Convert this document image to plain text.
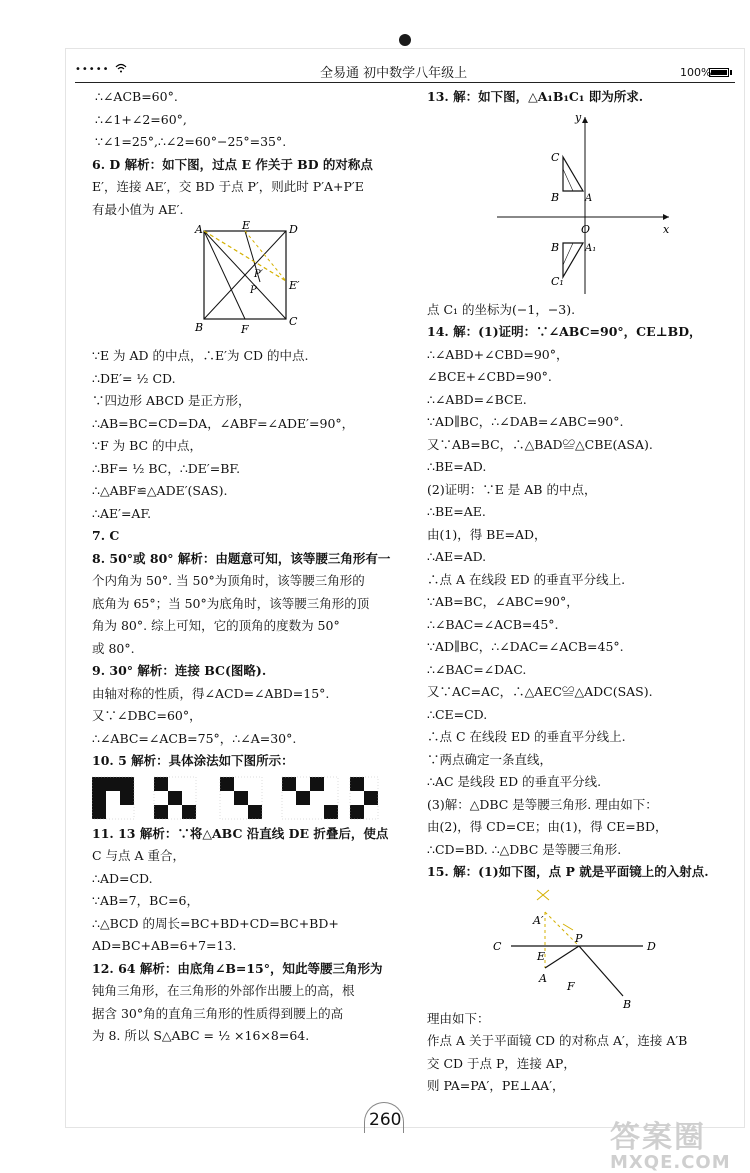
•••••	全易通 初中数学八年级上	100%
∴∠ACB=60°.
∴∠1+∠2=60°,
∵∠1=25°,∴∠2=60°−25°=35°.
6. D 解析：如下图，过点 E 作关于 BD 的对称点
E′，连接 AE′，交 BD 于点 P′，则此时 P′A+P′E
有最小值为 AE′.
A	E	D
P′
P	E′
B	F
C
∵E 为 AD 的中点，∴E′为 CD 的中点.
∴DE′= ½ CD.
∵四边形 ABCD 是正方形，
∴AB=BC=CD=DA，∠ABF=∠ADE′=90°，
∵F 为 BC 的中点，
∴BF= ½ BC，∴DE′=BF.
∴△ABF≌△ADE′(SAS).
∴AE′=AF.
7. C
8. 50°或 80° 解析：由题意可知，该等腰三角形有一
个内角为 50°. 当 50°为顶角时，该等腰三角形的
底角为 65°；当 50°为底角时，该等腰三角形的顶
角为 80°. 综上可知，它的顶角的度数为 50°
或 80°.
9. 30° 解析：连接 BC(图略).
由轴对称的性质，得∠ACD=∠ABD=15°.
又∵∠DBC=60°，
∴∠ABC=∠ACB=75°，∴∠A=30°.
10. 5 解析：具体涂法如下图所示：
11. 13 解析：∵将△ABC 沿直线 DE 折叠后，使点
C 与点 A 重合，
∴AD=CD.
∵AB=7，BC=6，
∴△BCD 的周长=BC+BD+CD=BC+BD+
AD=BC+AB=6+7=13.
12. 64 解析：由底角∠B=15°，知此等腰三角形为
钝角三角形，在三角形的外部作出腰上的高，根
据含 30°角的直角三角形的性质得到腰上的高
为 8. 所以 S△ABC = ½ ×16×8=64.
13. 解：如下图，△A₁B₁C₁ 即为所求.
y
x
O
C
B	A
B	A₁
C₁
点 C₁ 的坐标为(−1，−3).
14. 解：(1)证明：∵∠ABC=90°，CE⊥BD，
∴∠ABD+∠CBD=90°，
∠BCE+∠CBD=90°.
∴∠ABD=∠BCE.
∵AD∥BC，∴∠DAB=∠ABC=90°.
又∵AB=BC，∴△BAD≌△CBE(ASA).
∴BE=AD.
(2)证明：∵E 是 AB 的中点，
∴BE=AE.
由(1)，得 BE=AD，
∴AE=AD.
∴点 A 在线段 ED 的垂直平分线上.
∵AB=BC，∠ABC=90°，
∴∠BAC=∠ACB=45°.
∵AD∥BC，∴∠DAC=∠ACB=45°.
∴∠BAC=∠DAC.
又∵AC=AC，∴△AEC≌△ADC(SAS).
∴CE=CD.
∴点 C 在线段 ED 的垂直平分线上.
∵两点确定一条直线，
∴AC 是线段 ED 的垂直平分线.
(3)解：△DBC 是等腰三角形. 理由如下：
由(2)，得 CD=CE；由(1)，得 CE=BD，
∴CD=BD. ∴△DBC 是等腰三角形.
15. 解：(1)如下图，点 P 就是平面镜上的入射点.
A′
C
E
P
D
A
F
B
理由如下：
作点 A 关于平面镜 CD 的对称点 A′，连接 A′B
交 CD 于点 P，连接 AP，
则 PA=PA′，PE⊥AA′，
260	答案圈
MXQE.COM
